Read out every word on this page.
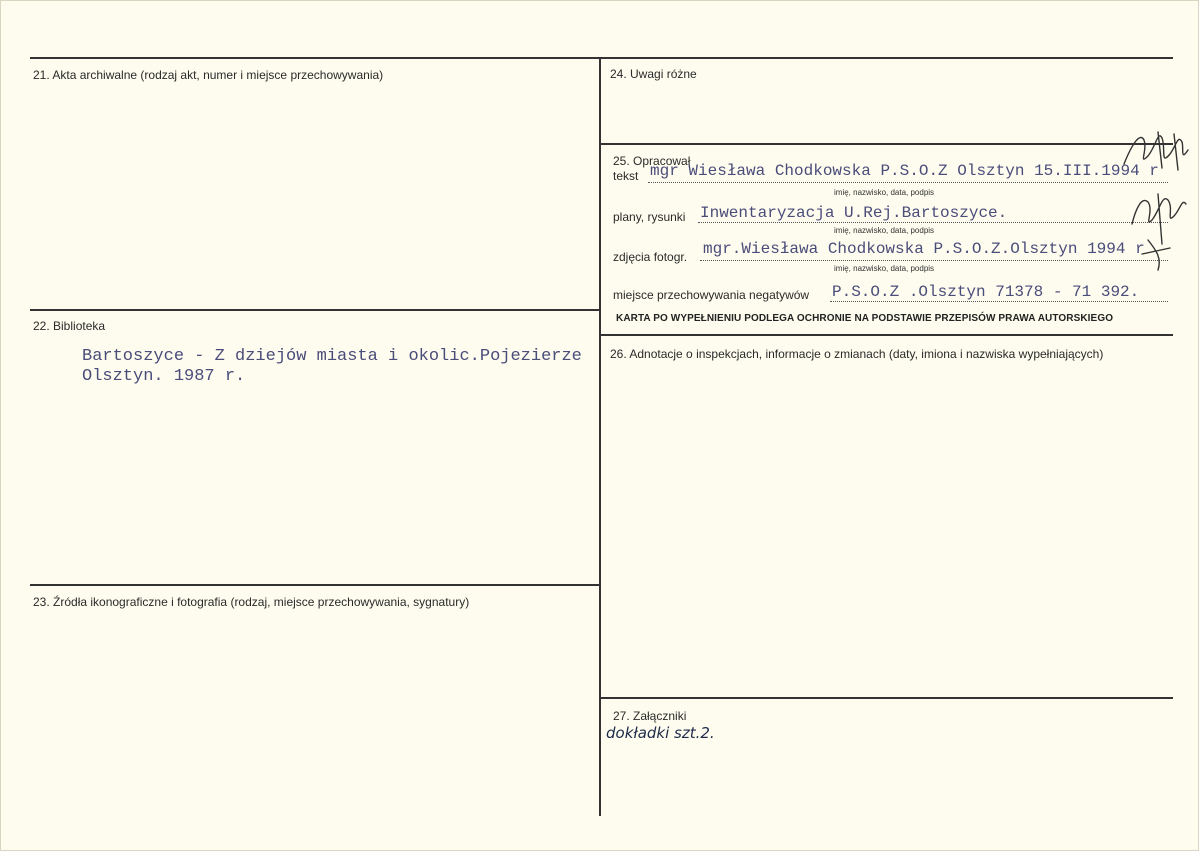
21. Akta archiwalne (rodzaj akt, numer i miejsce przechowywania)
22. Biblioteka
Bartoszyce - Z dziejów miasta i okolic.Pojezierze
Olsztyn. 1987 r.
23. Źródła ikonograficzne i fotografia (rodzaj, miejsce przechowywania, sygnatury)
24. Uwagi różne
25. Opracował
tekst mgr Wiesława Chodkowska P.S.O.Z Olsztyn 15.III.1994 r
imię, nazwisko, data, podpis
plany, rysunki Inwentaryzacja U.Rej.Bartoszyce.
imię, nazwisko, data, podpis
zdjęcia fotogr. mgr.Wiesława Chodkowska P.S.O.Z.Olsztyn 1994 r
imię, nazwisko, data, podpis
miejsce przechowywania negatywów P.S.O.Z .Olsztyn 71378 - 71 392.
KARTA PO WYPEŁNIENIU PODLEGA OCHRONIE NA PODSTAWIE PRZEPISÓW PRAWA AUTORSKIEGO
26. Adnotacje o inspekcjach, informacje o zmianach (daty, imiona i nazwiska wypełniających)
27. Załączniki
dokładki szt.2.
